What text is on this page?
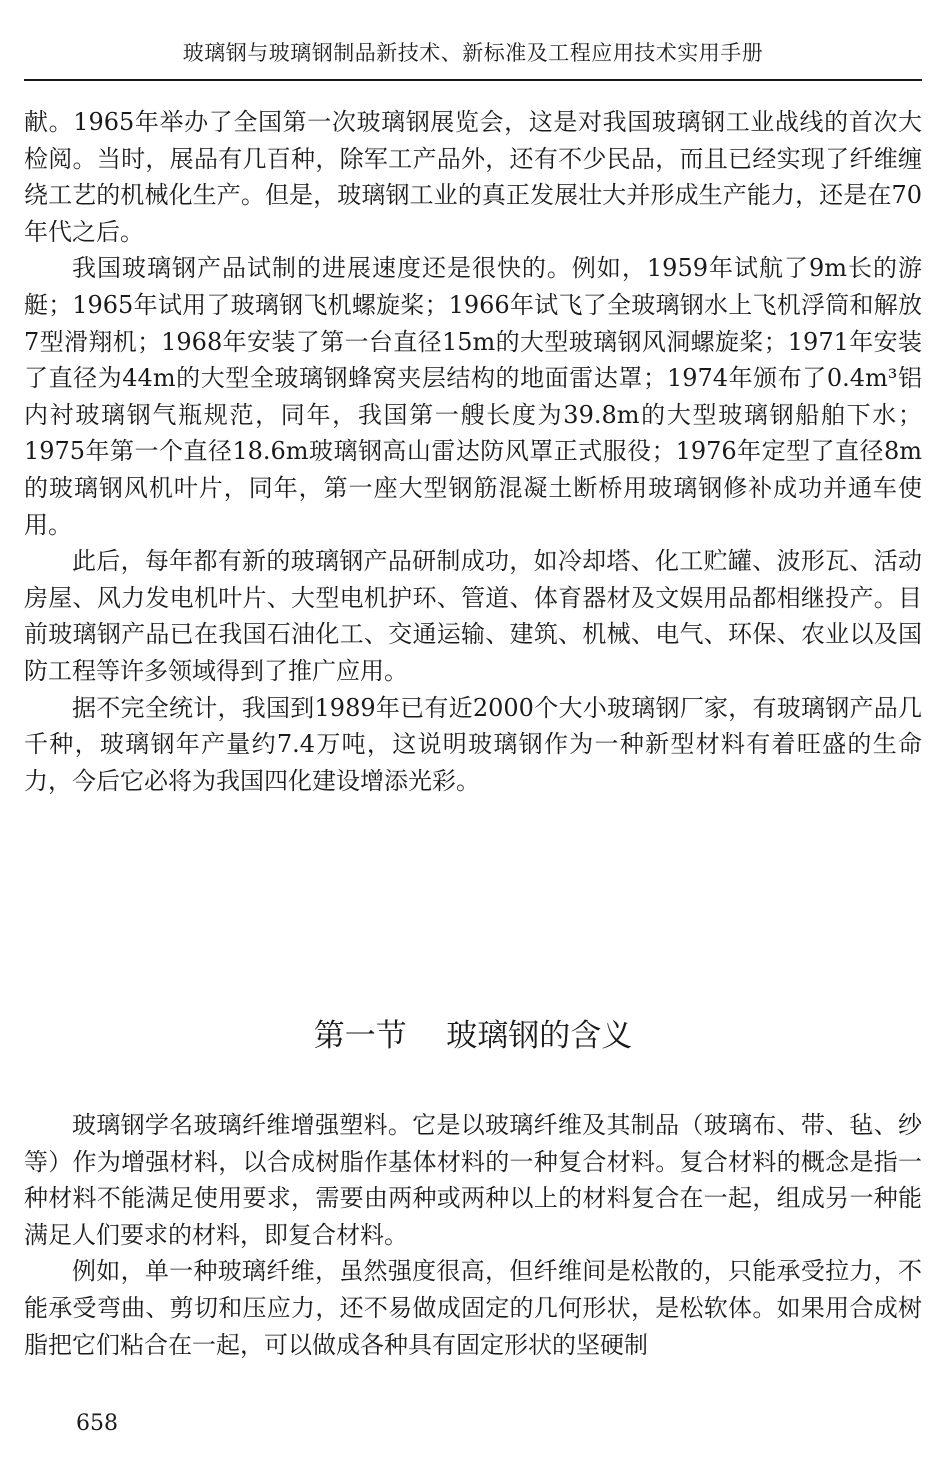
玻璃钢与玻璃钢制品新技术、新标准及工程应用技术实用手册

献。1965年举办了全国第一次玻璃钢展览会，这是对我国玻璃钢工业战线的首次大检阅。当时，展品有几百种，除军工产品外，还有不少民品，而且已经实现了纤维缠绕工艺的机械化生产。但是，玻璃钢工业的真正发展壮大并形成生产能力，还是在70年代之后。

我国玻璃钢产品试制的进展速度还是很快的。例如，1959年试航了9m长的游艇；1965年试用了玻璃钢飞机螺旋桨；1966年试飞了全玻璃钢水上飞机浮筒和解放7型滑翔机；1968年安装了第一台直径15m的大型玻璃钢风洞螺旋桨；1971年安装了直径为44m的大型全玻璃钢蜂窝夹层结构的地面雷达罩；1974年颁布了0.4m³铝内衬玻璃钢气瓶规范，同年，我国第一艘长度为39.8m的大型玻璃钢船舶下水；1975年第一个直径18.6m玻璃钢高山雷达防风罩正式服役；1976年定型了直径8m的玻璃钢风机叶片，同年，第一座大型钢筋混凝土断桥用玻璃钢修补成功并通车使用。

此后，每年都有新的玻璃钢产品研制成功，如冷却塔、化工贮罐、波形瓦、活动房屋、风力发电机叶片、大型电机护环、管道、体育器材及文娱用品都相继投产。目前玻璃钢产品已在我国石油化工、交通运输、建筑、机械、电气、环保、农业以及国防工程等许多领域得到了推广应用。

据不完全统计，我国到1989年已有近2000个大小玻璃钢厂家，有玻璃钢产品几千种，玻璃钢年产量约7.4万吨，这说明玻璃钢作为一种新型材料有着旺盛的生命力，今后它必将为我国四化建设增添光彩。

第一节    玻璃钢的含义

玻璃钢学名玻璃纤维增强塑料。它是以玻璃纤维及其制品（玻璃布、带、毡、纱等）作为增强材料，以合成树脂作基体材料的一种复合材料。复合材料的概念是指一种材料不能满足使用要求，需要由两种或两种以上的材料复合在一起，组成另一种能满足人们要求的材料，即复合材料。

例如，单一种玻璃纤维，虽然强度很高，但纤维间是松散的，只能承受拉力，不能承受弯曲、剪切和压应力，还不易做成固定的几何形状，是松软体。如果用合成树脂把它们粘合在一起，可以做成各种具有固定形状的坚硬制

658
